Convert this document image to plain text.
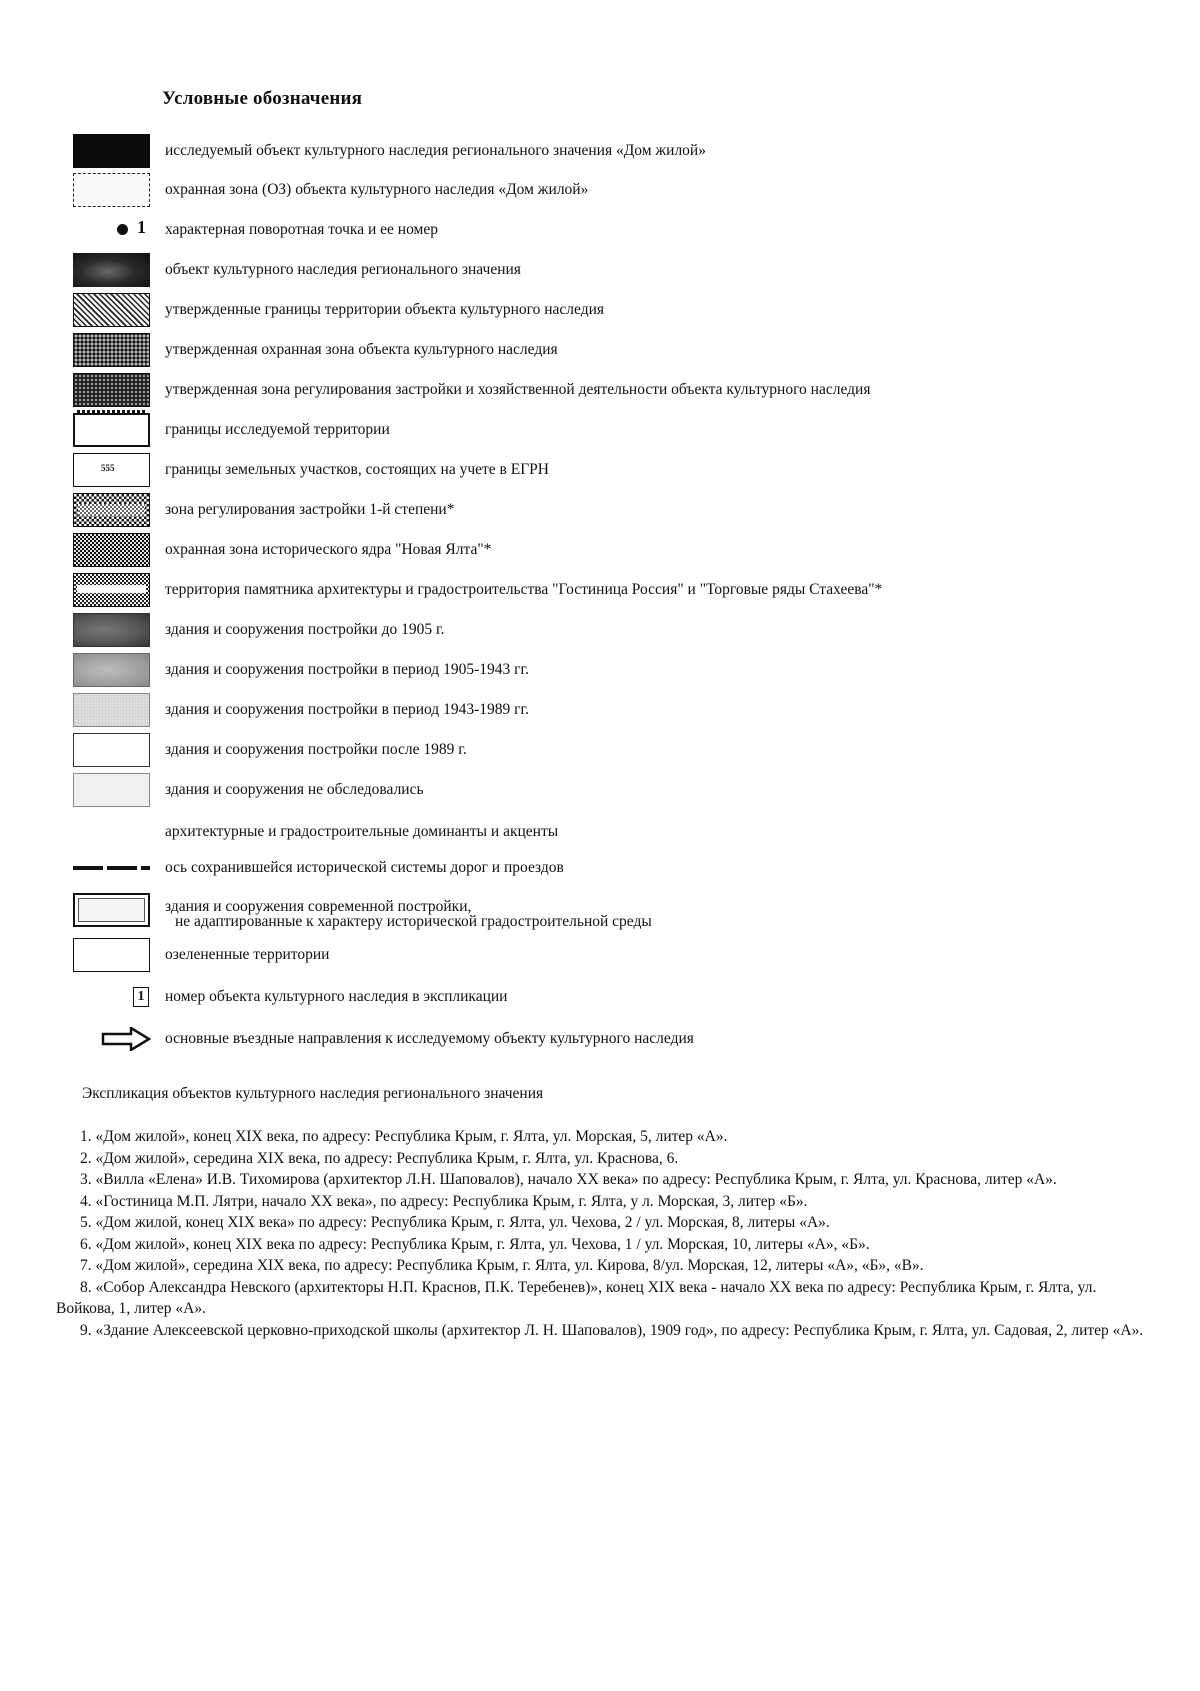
Условные обозначения
исследуемый объект культурного наследия регионального значения «Дом жилой»
охранная зона (ОЗ) объекта культурного наследия «Дом жилой»
1 характерная поворотная точка и ее номер
объект культурного наследия регионального значения
утвержденные границы территории объекта культурного наследия
утвержденная охранная зона объекта культурного наследия
утвержденная зона регулирования застройки и хозяйственной деятельности объекта культурного наследия
границы исследуемой территории
555	границы земельных участков, состоящих на учете в ЕГРН
зона регулирования застройки 1-й степени*
охранная зона исторического ядра "Новая Ялта"*
территория памятника архитектуры и градостроительства "Гостиница Россия" и "Торговые ряды Стахеева"*
здания и сооружения постройки до 1905 г.
здания и сооружения постройки в период 1905-1943 гг.
здания и сооружения постройки в период 1943-1989 гг.
здания и сооружения постройки после 1989 г.
здания и сооружения не обследовались
архитектурные и градостроительные доминанты и акценты
ось сохранившейся исторической системы дорог и проездов
здания и сооружения современной постройки,
не адаптированные к характеру исторической градостроительной среды
озелененные территории
1 номер объекта культурного наследия в экспликации
основные въездные направления к исследуемому объекту культурного наследия
Экспликация объектов культурного наследия регионального значения

1. «Дом жилой», конец XIX века, по адресу: Республика Крым, г. Ялта, ул. Морская, 5, литер «А».

2. «Дом жилой», середина XIX века, по адресу: Республика Крым, г. Ялта, ул. Краснова, 6.

3. «Вилла «Елена» И.В. Тихомирова (архитектор Л.Н. Шаповалов), начало XX века» по адресу: Республика Крым, г. Ялта, ул. Краснова, литер «А».

4. «Гостиница М.П. Лятри, начало XX века», по адресу: Республика Крым, г. Ялта, у л. Морская, 3, литер «Б».

5. «Дом жилой, конец XIX века» по адресу: Республика Крым, г. Ялта, ул. Чехова, 2 / ул. Морская, 8, литеры «А».

6. «Дом жилой», конец XIX века по адресу: Республика Крым, г. Ялта, ул. Чехова, 1 / ул. Морская, 10, литеры «А», «Б».

7. «Дом жилой», середина XIX века, по адресу: Республика Крым, г. Ялта, ул. Кирова, 8/ул. Морская, 12, литеры «А», «Б», «В».

8. «Собор Александра Невского (архитекторы Н.П. Краснов, П.К. Теребенев)», конец XIX века - начало XX века по адресу: Республика Крым, г. Ялта, ул. Войкова, 1, литер «А».

9. «Здание Алексеевской церковно-приходской школы (архитектор Л. Н. Шаповалов), 1909 год», по адресу: Республика Крым, г. Ялта, ул. Садовая, 2, литер «А».
